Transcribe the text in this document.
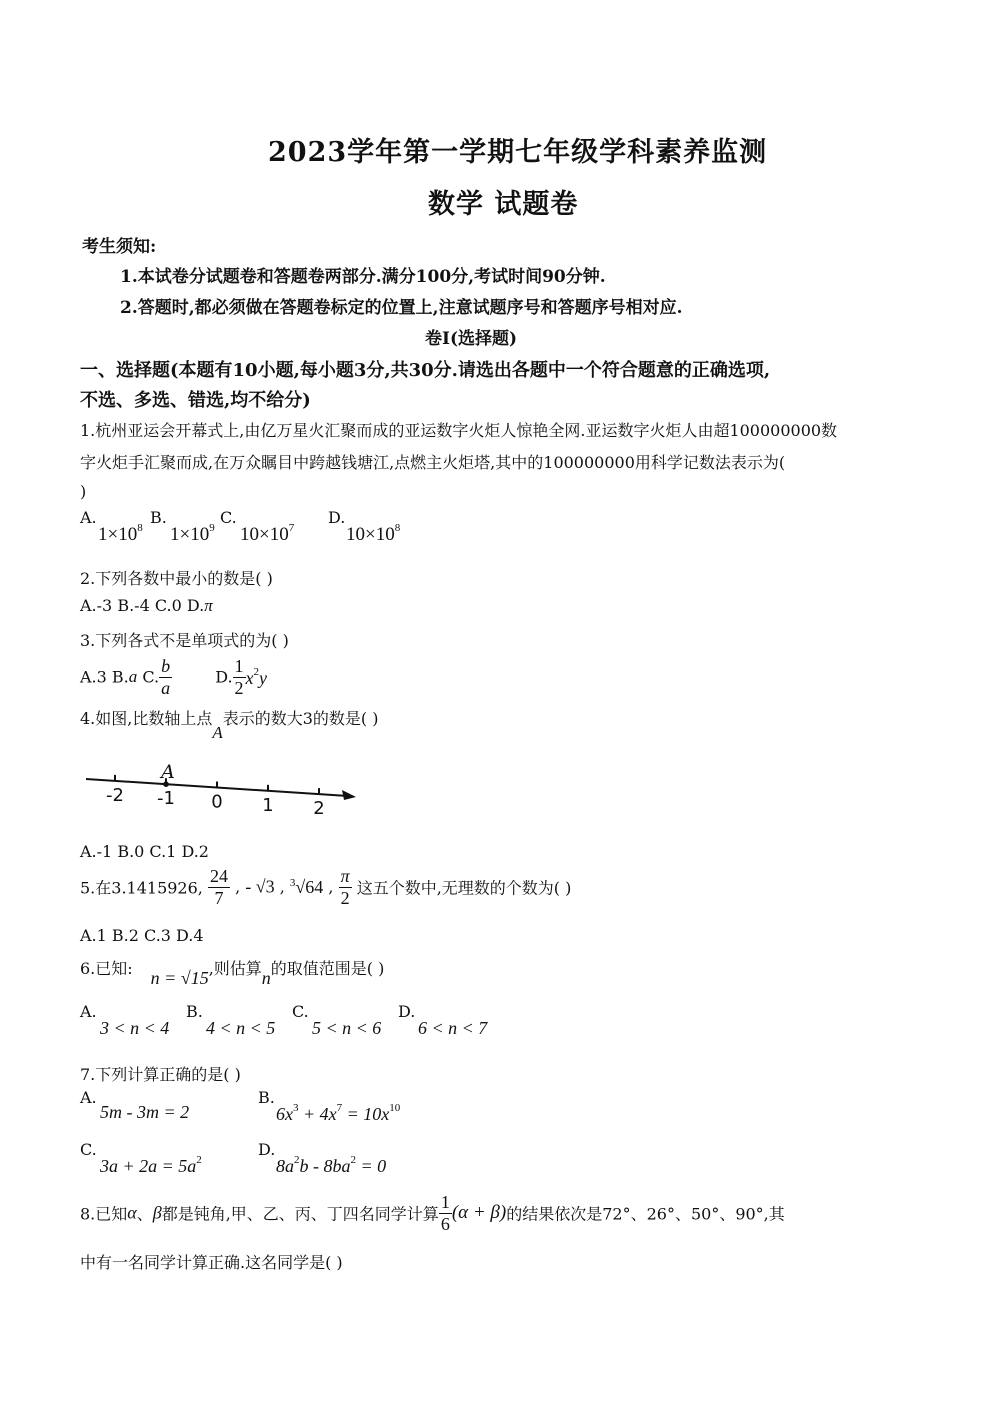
2023学年第一学期七年级学科素养监测
数学 试题卷
考生须知:
1.本试卷分试题卷和答题卷两部分.满分100分,考试时间90分钟.
2.答题时,都必须做在答题卷标定的位置上,注意试题序号和答题序号相对应.
卷Ⅰ(选择题)
一、选择题(本题有10小题,每小题3分,共30分.请选出各题中一个符合题意的正确选项,
不选、多选、错选,均不给分)
1.杭州亚运会开幕式上,由亿万星火汇聚而成的亚运数字火炬人惊艳全网.亚运数字火炬人由超100000000数
字火炬手汇聚而成,在万众瞩目中跨越钱塘江,点燃主火炬塔,其中的100000000用科学记数法表示为(
)
A.
$1\times 10^8$
B.
$1\times 10^9$
C.
$10\times 10^7$
D.
$10\times 10^8$
2.下列各数中最小的数是( )
A.-3 B.-4 C.0 D.π
3.下列各式不是单项式的为( )
A.3 B.a C. $\frac{b}{a}$	D. $\frac{1}{2} x^2y$
4.如图,比数轴上点A表示的数大3的数是( )
-2 -1 0 1 2
A
A.-1 B.0 C.1 D.2
5.在3.1415926, $\frac{24}{7}$ , - √3 , $^3$√64 , $\frac{\pi}{2}$ 这五个数中,无理数的个数为( )
A.1 B.2 C.3 D.4
6.已知: n = √15,则估算n的取值范围是( )
A.
3 < n < 4
B.
4 < n < 5
C.
5 < n < 6
D.
6 < n < 7
7.下列计算正确的是( )
A.
5m - 3m = 2
B.
$6x^3 + 4x^7 = 10x^{10}$
C.
$3a + 2a = 5a^2$
D.
$8a^2b - 8ba^2 = 0$
8.已知α、β都是钝角,甲、乙、丙、丁四名同学计算 $\frac{1}{6} (\alpha + \beta)$的结果依次是72°、26°、50°、90°,其
中有一名同学计算正确.这名同学是( )
